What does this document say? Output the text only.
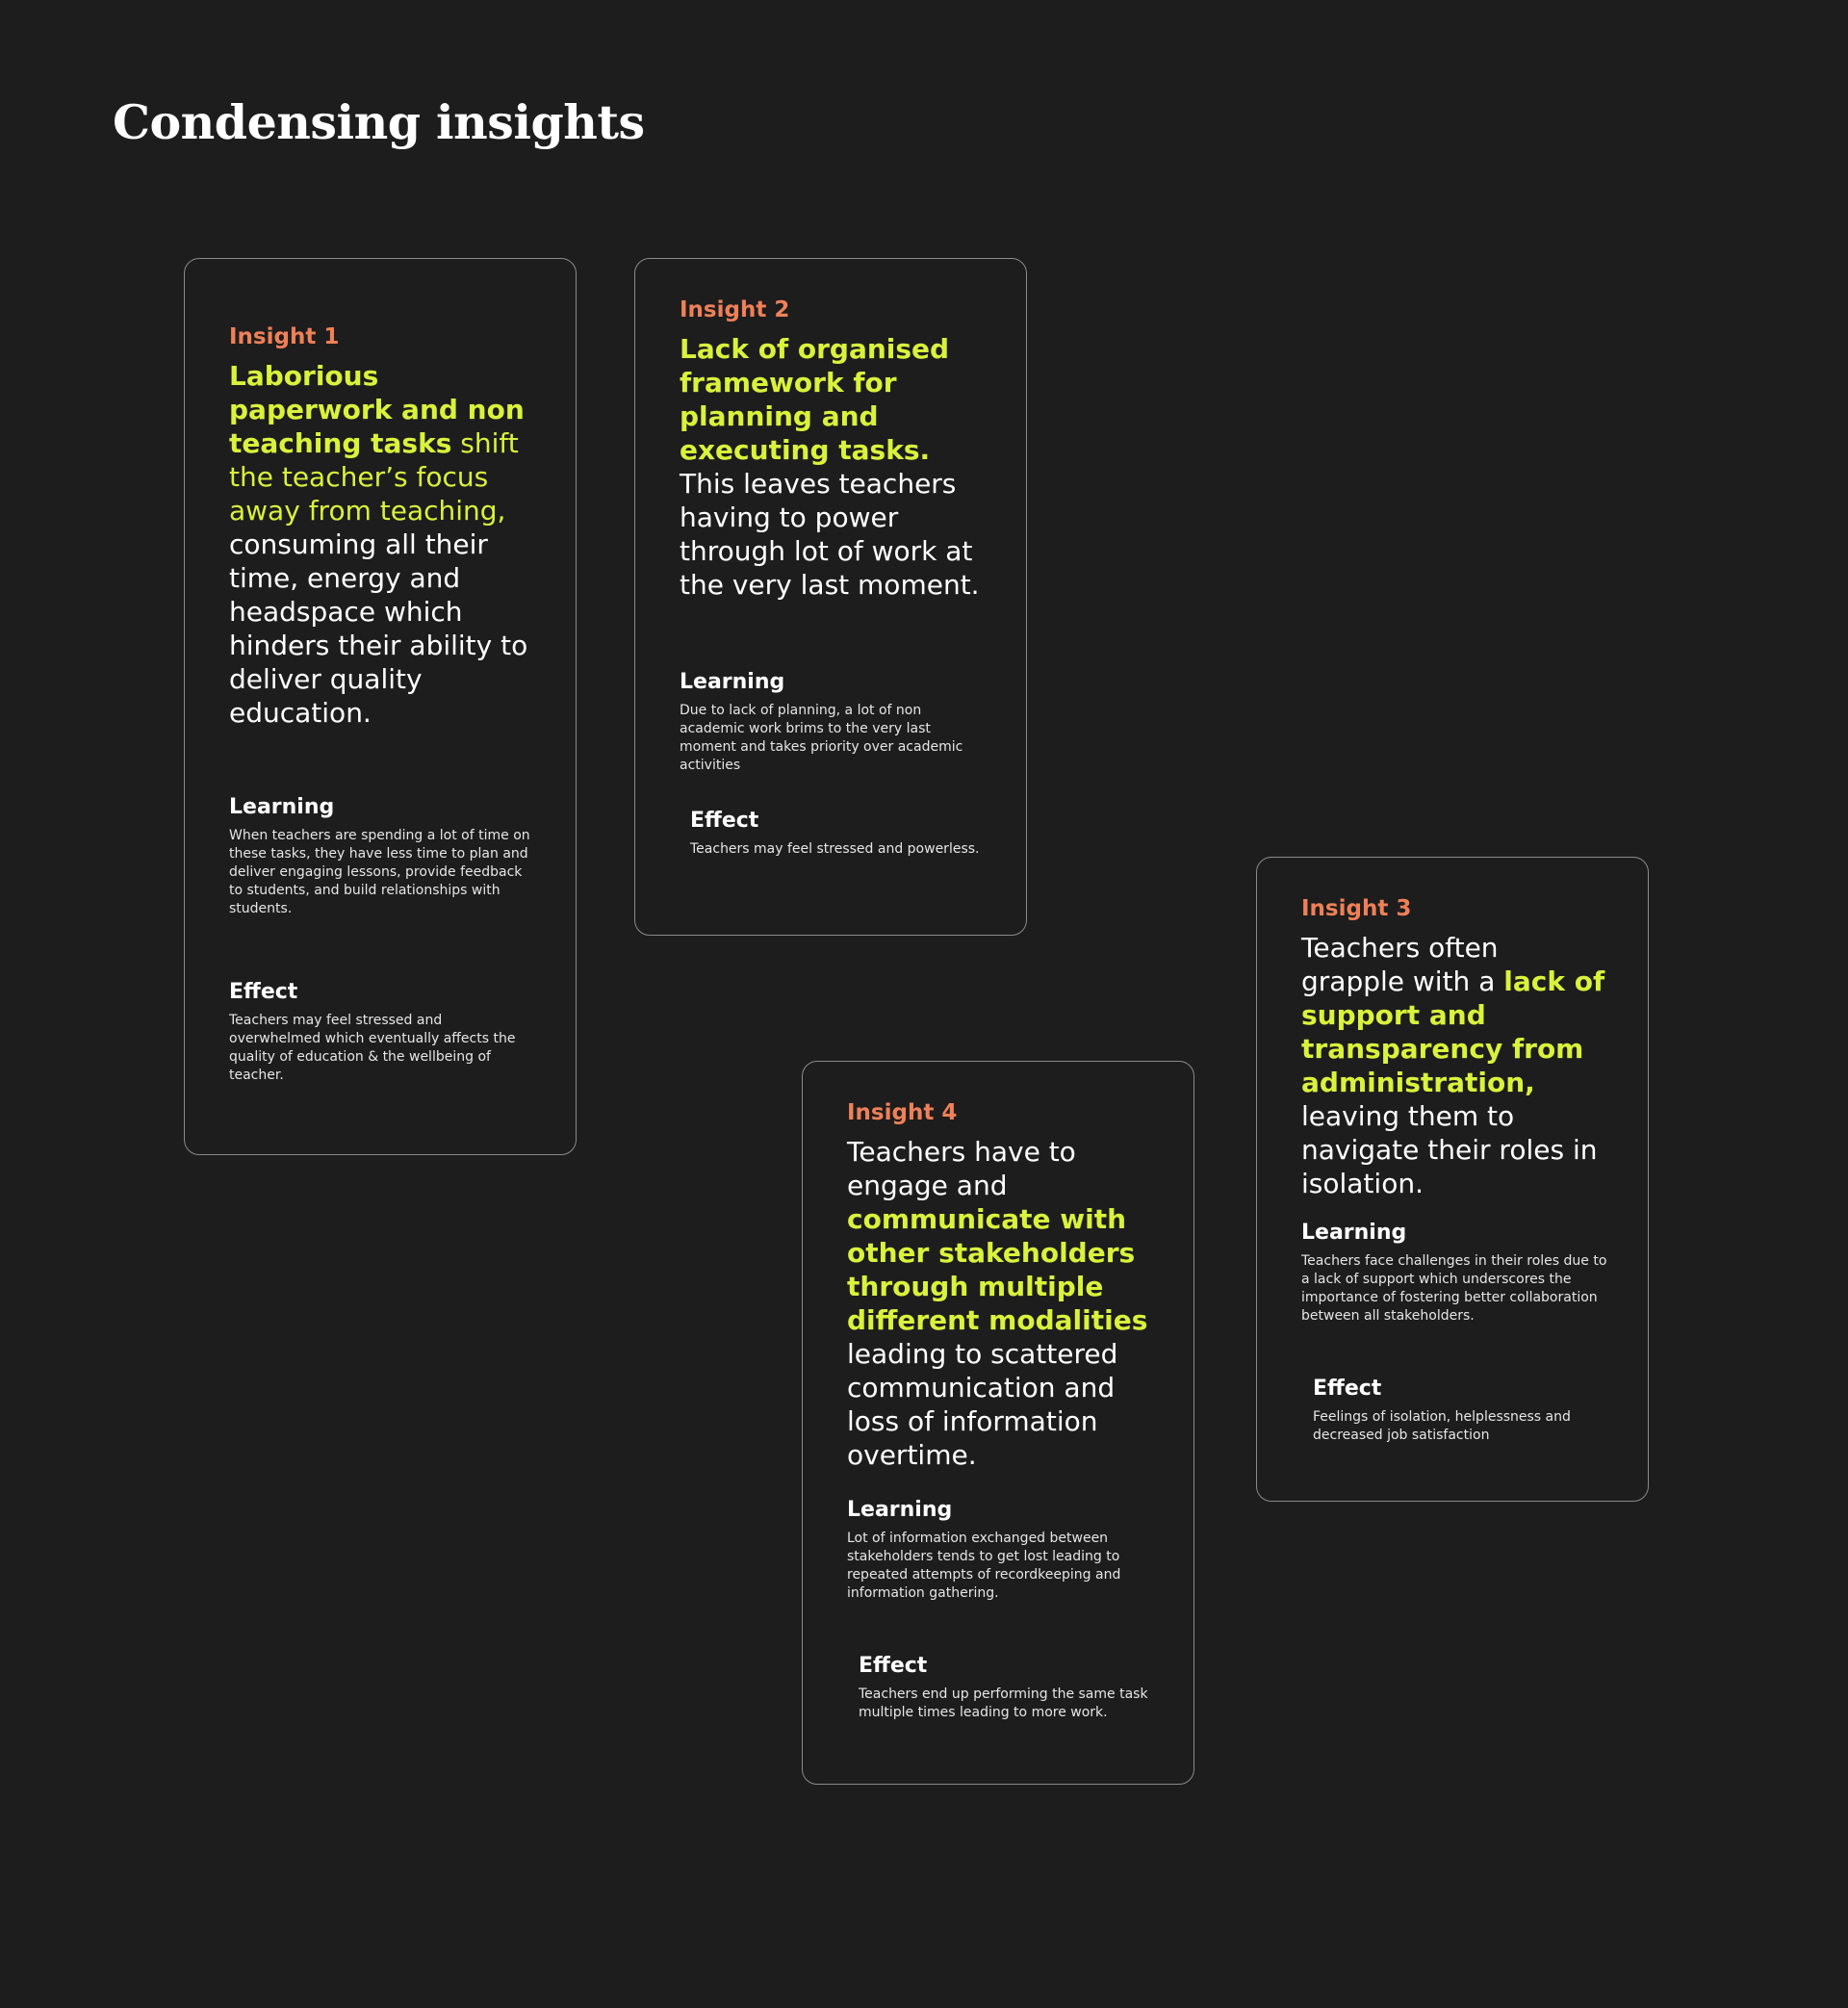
Condensing insights
Insight 1

Laborious paperwork and non teaching tasks shift the teacher’s focus away from teaching, consuming all their time, energy and headspace which hinders their ability to deliver quality education.

Learning

When teachers are spending a lot of time on these tasks, they have less time to plan and deliver engaging lessons, provide feedback to students, and build relationships with students.

Effect

Teachers may feel stressed and overwhelmed which eventually affects the quality of education & the wellbeing of teacher.

Insight 2

Lack of organised framework for planning and executing tasks.
This leaves teachers having to power through lot of work at the very last moment.

Learning

Due to lack of planning, a lot of non academic work brims to the very last moment and takes priority over academic activities

Effect

Teachers may feel stressed and powerless.

Insight 3

Teachers often grapple with a lack of support and transparency from administration, leaving them to navigate their roles in isolation.

Learning

Teachers face challenges in their roles due to a lack of support which underscores the importance of fostering better collaboration between all stakeholders.

Effect

Feelings of isolation, helplessness and decreased job satisfaction

Insight 4

Teachers have to engage and communicate with other stakeholders through multiple different modalities leading to scattered communication and loss of information overtime.

Learning

Lot of information exchanged between stakeholders tends to get lost leading to repeated attempts of recordkeeping and information gathering.

Effect

Teachers end up performing the same task multiple times leading to more work.
